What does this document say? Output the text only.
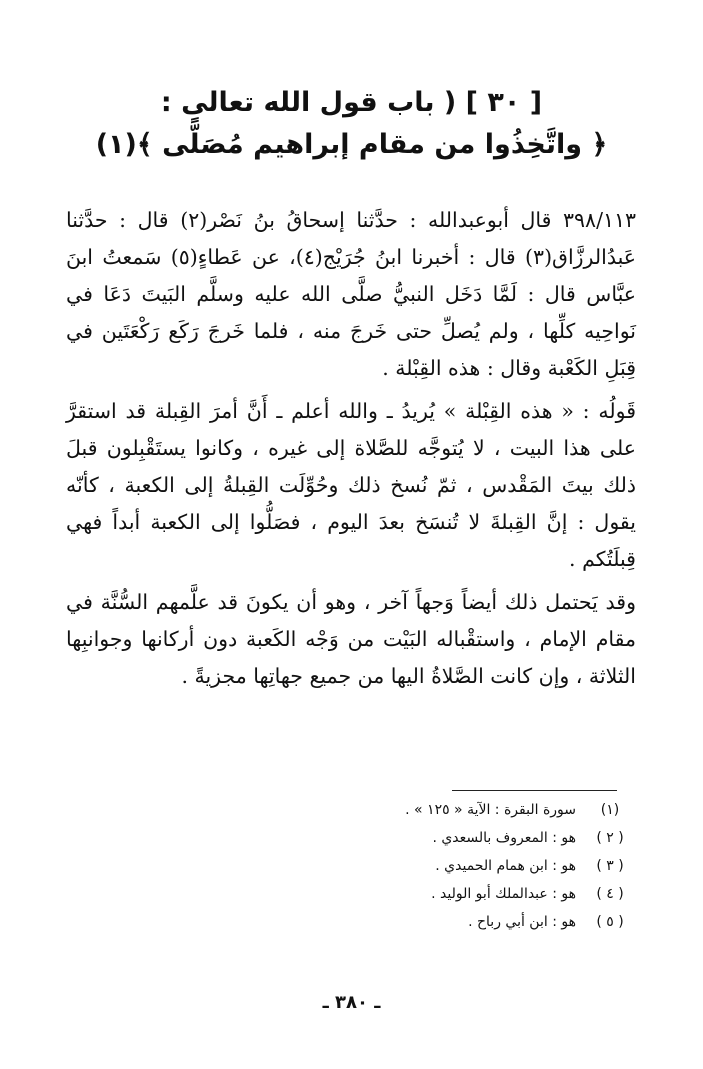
[ ٣٠ ] ( باب قول الله تعالى :
﴿ واتَّخِذُوا من مقام إبراهيم مُصَلًّى ﴾(١)

٣٩٨/١١٣ قال أبوعبدالله : حدَّثنا إسحاقُ بنُ نَصْر(٢) قال : حدَّثنا عَبدُالرزَّاق(٣) قال : أخبرنا ابنُ جُرَيْج(٤)، عن عَطاءٍ(٥) سَمعتُ ابنَ عبَّاس قال : لَمَّا دَخَل النبيُّ صلَّى الله عليه وسلَّم البَيتَ دَعَا في نَواحِيه كلِّها ، ولم يُصلِّ حتى خَرجَ منه ، فلما خَرجَ رَكَع رَكْعَتَين في قِبَلِ الكَعْبة وقال : هذه القِبْلة .

قَولُه : « هذه القِبْلة » يُريدُ ـ والله أعلم ـ أَنَّ أمرَ القِبلة قد استقرَّ على هذا البيت ، لا يُتوجَّه للصَّلاة إلى غيره ، وكانوا يستَقْبِلون قبلَ ذلك بيتَ المَقْدس ، ثمّ نُسخ ذلك وحُوِّلَت القِبلةُ إلى الكعبة ، كأنّه يقول : إنَّ القِبلةَ لا تُنسَخ بعدَ اليوم ، فصَلُّوا إلى الكعبة أبداً فهي قِبلَتُكم .

وقد يَحتمل ذلك أيضاً وَجهاً آخر ، وهو أن يكونَ قد علَّمهم السُّنَّة في مقام الإمام ، واستقْباله البَيْت من وَجْه الكَعبة دون أركانها وجوانبِها الثلاثة ، وإن كانت الصَّلاةُ اليها من جميع جهاتِها مجزيةً .

(١)
سورة البقرة : الآية « ١٢٥ » .
( ٢ )
هو : المعروف بالسعدي .
( ٣ )
هو : ابن همام الحميدي .
( ٤ )
هو : عبدالملك أبو الوليد .
( ٥ )
هو : ابن أبي رباح .
ـ ٣٨٠ ـ
